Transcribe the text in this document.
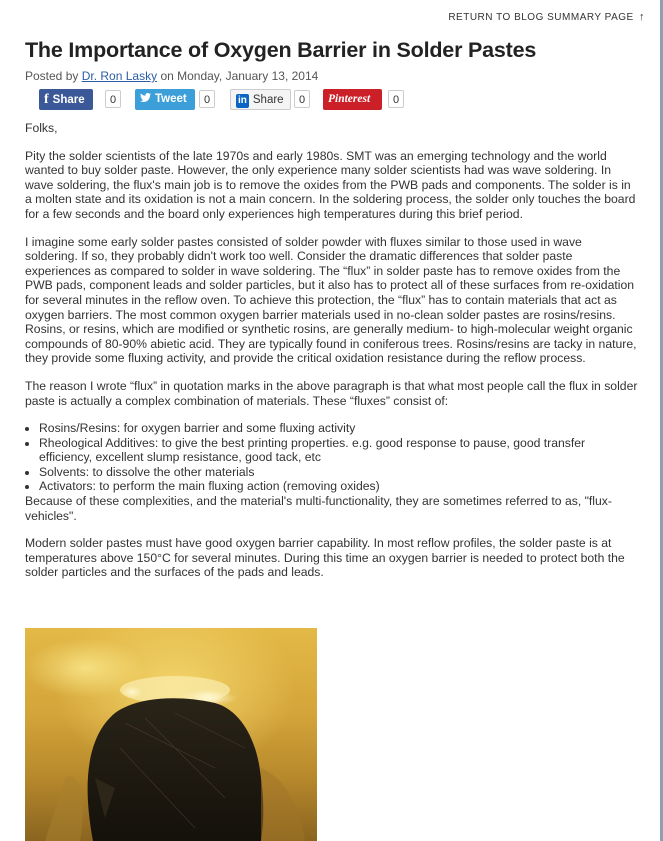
RETURN TO BLOG SUMMARY PAGE ↑
The Importance of Oxygen Barrier in Solder Pastes
Posted by Dr. Ron Lasky on Monday, January 13, 2014
f Share	0	Tweet	0	in Share	0	Pinterest	0

Folks,

Pity the solder scientists of the late 1970s and early 1980s. SMT was an emerging technology and the world wanted to buy solder paste. However, the only experience many solder scientists had was wave soldering. In wave soldering, the flux's main job is to remove the oxides from the PWB pads and components. The solder is in a molten state and its oxidation is not a main concern. In the soldering process, the solder only touches the board for a few seconds and the board only experiences high temperatures during this brief period.

I imagine some early solder pastes consisted of solder powder with fluxes similar to those used in wave soldering. If so, they probably didn't work too well. Consider the dramatic differences that solder paste experiences as compared to solder in wave soldering. The “flux” in solder paste has to remove oxides from the PWB pads, component leads and solder particles, but it also has to protect all of these surfaces from re-oxidation for several minutes in the reflow oven. To achieve this protection, the “flux” has to contain materials that act as oxygen barriers. The most common oxygen barrier materials used in no-clean solder pastes are rosins/resins. Rosins, or resins, which are modified or synthetic rosins, are generally medium- to high-molecular weight organic compounds of 80-90% abietic acid. They are typically found in coniferous trees. Rosins/resins are tacky in nature, they provide some fluxing activity, and provide the critical oxidation resistance during the reflow process.

The reason I wrote “flux” in quotation marks in the above paragraph is that what most people call the flux in solder paste is actually a complex combination of materials. These “fluxes” consist of:

• Rosins/Resins: for oxygen barrier and some fluxing activity
• Rheological Additives: to give the best printing properties. e.g. good response to pause, good transfer efficiency, excellent slump resistance, good tack, etc
• Solvents: to dissolve the other materials
• Activators: to perform the main fluxing action (removing oxides)

Because of these complexities, and the material's multi-functionality, they are sometimes referred to as, "flux-vehicles".

Modern solder pastes must have good oxygen barrier capability. In most reflow profiles, the solder paste is at temperatures above 150°C for several minutes. During this time an oxygen barrier is needed to protect both the solder particles and the surfaces of the pads and leads.
